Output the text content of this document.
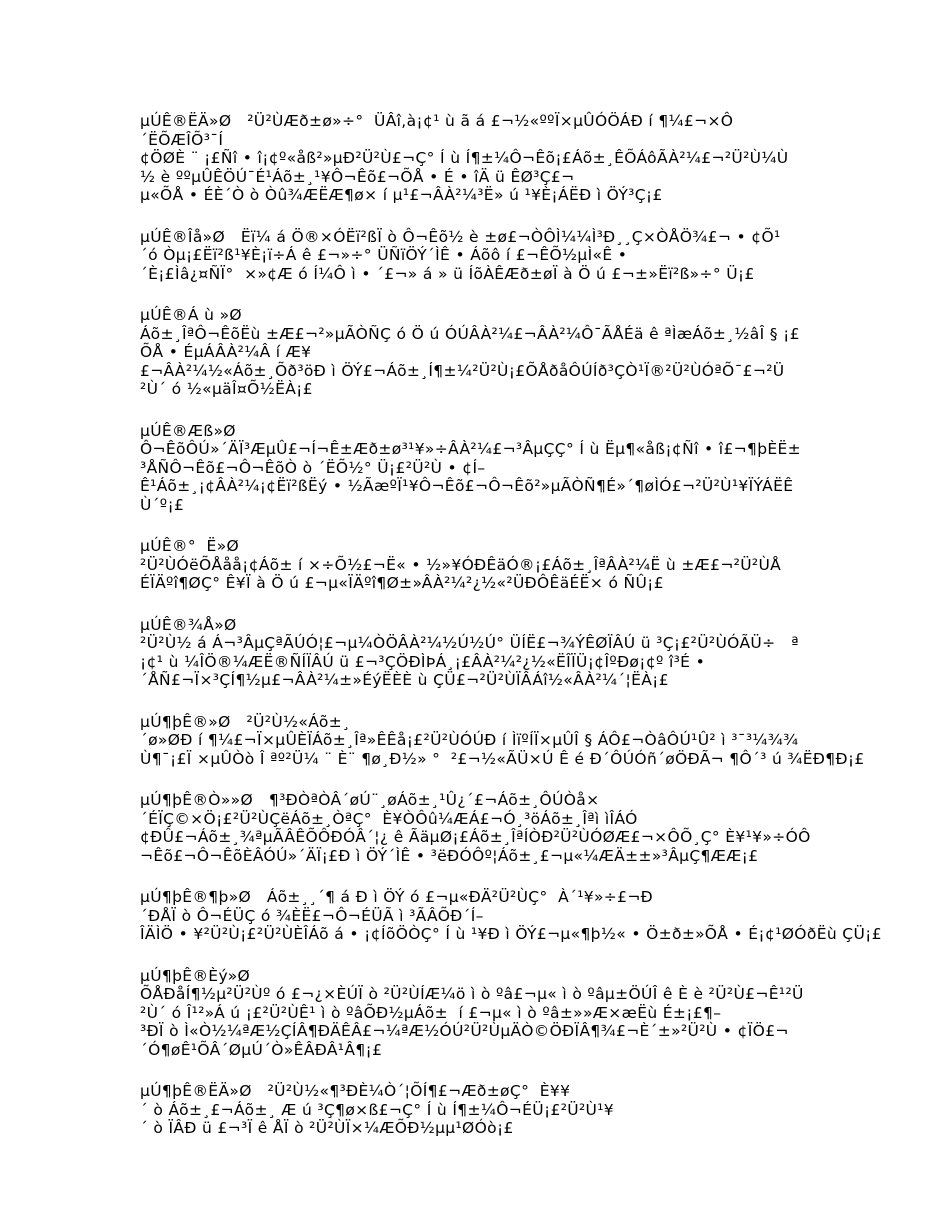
µÚÊ®ËÄ»Ø   ²Ü²ÙÆð±ø»÷°  ÜÂî,à¡¢¹ ù ã á £¬½«ººÏ×µÛÓÖÁÐ í ¶¼£¬×Ô
´ËÕÆÎÕ³¯Í
¢ÖØÈ ¨ ¡£Ñî • î¡¢º«åß²»µÐ²Ü²Ù£¬Ç° Í ù Í¶±¼Ô¬Êõ¡£Áõ±¸ÊÕÁôÃÀ²¼£¬²Ü²Ù¼Ù
½ è ººµÛÊÖÚ¯É¹Áõ±¸¹¥Ô¬Êõ£¬ÕÅ • É • îÄ ü ÊØ³Ç£¬
µ«ÕÅ • ÉÈ´Ò ò Òû¾ÆËÆ¶ø× í µ¹£¬ÂÀ²¼³Ë» ú ¹¥È¡ÁËÐ ì ÖÝ³Ç¡£

µÚÊ®Îå»Ø   Ëï¼ á Ö®×ÓËï²ßÏ ò Ô¬Êõ½ è ±ø£¬ÒÔÌ¼¼Ì³Ð¸¸Ç×ÒÅÖ¾£¬ • ¢Õ¹
´ó Òµ¡£Ëï²ß¹¥È¡ï÷Á ê £¬»÷° ÜÑïÖÝ´ÌÊ • Áõô í £¬ÊÕ½µÌ«Ê •
´È¡£Ìâ¿¤ÑÏ°  ×»¢Æ ó Í¼Ô ì • ´£¬» á » ü ÍõÀÊÆð±øÏ à Ö ú £¬±»Ëï²ß»÷° Ü¡£

µÚÊ®Á ù »Ø
Áõ±¸ÎªÔ¬ÊõËù ±Æ£¬²»µÃÒÑÇ ó Ö ú ÓÚÂÀ²¼£¬ÂÀ²¼Ô¯ÃÅÉä ê ªÌæÁõ±¸½âÎ § ¡£
ÕÅ • ÉµÁÂÀ²¼Â í Æ¥
£¬ÂÀ²¼½«Áõ±¸Õð³öÐ ì ÖÝ£¬Áõ±¸Í¶±¼²Ü²Ù¡£ÕÅðåÔÚÍð³ÇÒ¹Ï®²Ü²ÙÓªÕ¯£¬²Ü
²Ù´ ó ½«µäÎ¤Õ½ËÀ¡£

µÚÊ®Æß»Ø
Ô¬ÊõÔÚ»´ÄÏ³ÆµÛ£¬Í¬Ê±Æð±ø³¹¥»÷ÂÀ²¼£¬³ÂµÇÇ° Í ù Ëµ¶«åß¡¢Ñî • î£¬¶þÈË±
³ÅÑÔ¬Êõ£¬Ô¬ÊõÒ ò ´ËÕ½° Ü¡£²Ü²Ù • ¢Í–
Ê¹Áõ±¸¡¢ÂÀ²¼¡¢Ëï²ßËý • ½ÃæºÏ¹¥Ô¬Êõ£¬Ô¬Êõ²»µÃÒÑ¶É»´¶øÌÓ£¬²Ü²Ù¹¥ÏÝÁËÊ
Ù´º¡£

µÚÊ®°  Ë»Ø
²Ü²ÙÓëÕÅåå¡¢Áõ± í ×÷Õ½£¬Ë« • ½»¥ÓÐÊäÓ®¡£Áõ±¸ÎªÂÀ²¼Ë ù ±Æ£¬²Ü²ÙÅ
ÉÏÄºî¶ØÇ° Ê¥Ï à Ö ú £¬µ«ÏÄºî¶Ø±»ÂÀ²¼²¿½«²ÜÐÔÊäÉË× ó ÑÛ¡£

µÚÊ®¾Å»Ø
²Ü²Ù½ á Á¬³ÂµÇªÃÚÓ¦£¬µ¼ÒÖÂÀ²¼½Ú½Ú° ÜÍË£¬¾ÝÊØÏÂÚ ü ³Ç¡£²Ü²ÙÓÃÜ÷   ª
¡¢¹ ù ¼ÎÖ®¼ÆË®ÑÍÏÂÚ ü £¬³ÇÖÐÌÞÁ¸¡£ÂÀ²¼²¿½«ËÎÏÜ¡¢ÎºÐø¡¢º î³É •
´ÅÑ£¬Ï×³ÇÍ¶½µ£¬ÂÀ²¼±»ÉýËÈÈ ù ÇÜ£¬²Ü²ÙÏÂÁî½«ÂÀ²¼´¦ËÀ¡£

µÚ¶þÊ®»Ø   ²Ü²Ù½«Áõ±¸
´ø»ØÐ í ¶¼£¬Ï×µÛÈÏÁõ±¸Îª»ÊÊå¡£²Ü²ÙÓÚÐ í ÌïºÍÏ×µÛÎ § ÁÔ£¬ÒâÔÚ¹Û² ì ³¯³¼¾¾
Ù¶¯¡£Ï ×µÛÒò Î ªº²Ü¼ ¨ È¨ ¶ø¸Ð½» °  ²£¬½«ÃÜ×Ú Ê é Ð´ÔÚÓñ´øÖÐÃ¬ ¶Ô´³ ú ¾ËÐ¶Ð¡£

µÚ¶þÊ®Ò»»Ø   ¶³ÐÒªÒÂ´øÚ¨¸øÁõ±¸¹Û¿´£¬Áõ±¸ÔÚÒå×
´ÉÏÇ©×Ö¡£²Ü²ÙÇëÁõ±¸ÒªÇ°  È¥ÒÔû¼ÆÁ£¬Ó¸³öÁõ±¸Îªì ìÎÁÓ
¢ÐÛ£¬Áõ±¸¾ªµÃÂÊÕÔÐÓÂ´¦¿ ê ÃäµØ¡£Áõ±¸ÎªÍÒÐ²Ü²ÙÓØÆ£¬×ÔÕ¸Ç° È¥¹¥»÷ÓÔ
¬Êõ£¬Ô¬ÊõÈÂÓÚ»´ÄÏ¡£Ð ì ÖÝ´ÌÊ • ³ëÐÓÔº¦Áõ±¸£¬µ«¼ÆÄ±±»³ÂµÇ¶ÆÆ¡£

µÚ¶þÊ®¶þ»Ø   Áõ±¸¸´¶ á Ð ì ÖÝ ó £¬µ«ÐÄ²Ü²ÙÇ°  À´¹¥»÷£¬Ð
´ÐÅÏ ò Ô¬ÉÜÇ ó ¾ÈË£¬Ô¬ÉÜÃ ì ³ÃÂÕÐ´Í–
ÎÄÌÖ • ¥²Ü²Ù¡£²Ü²ÙÈÎÁõ á • ¡¢ÍõÖÒÇ° Í ù ¹¥Ð ì ÖÝ£¬µ«¶þ½« • Ö±ð±»ÕÅ • É¡¢¹ØÓðËù ÇÜ¡£

µÚ¶þÊ®Èý»Ø
ÕÅÐåÍ¶½µ²Ü²Ùº ó £¬¿×ÈÚÏ ò ²Ü²ÙÍÆ¼ö ì ò ºâ£¬µ« ì ò ºâµ±ÖÚÎ ê È è ²Ü²Ù£¬Ê¹²Ü
²Ù´ ó Î¹²»Á ú ¡£²Ü²ÙÊ¹ ì ò ºâÕÐ½µÁõ±  í £¬µ« ì ò ºâ±»»Æ×æËù É±¡£¶–
³ÐÏ ò Ì«Ò½¼ªÆ½ÇÍÂ¶ÐÄÊÂ£¬¼ªÆ½ÓÚ²Ü²ÙµÄÒ©ÖÐÏÂ¶¾£¬È´±»²Ü²Ù • ¢ÏÖ£¬
´Ó¶øÊ¹ÕÂ´ØµÚ´Ò»ÊÂÐÂ¹Â¶¡£

µÚ¶þÊ®ËÄ»Ø   ²Ü²Ù½«¶³ÐÈ¼Ò´¦ÕÍ¶£¬Æð±øÇ°  È¥¥
´ ò Áõ±¸£¬Áõ±¸ Æ ú ³Ç¶ø×ß£¬Ç° Í ù Í¶±¼Ô¬ÉÜ¡£²Ü²Ù¹¥
´ ò ÏÂÐ ü £¬³Ï ê ÅÏ ò ²Ü²ÙÏ×¼ÆÕÐ½µµ¹ØÓò¡£
